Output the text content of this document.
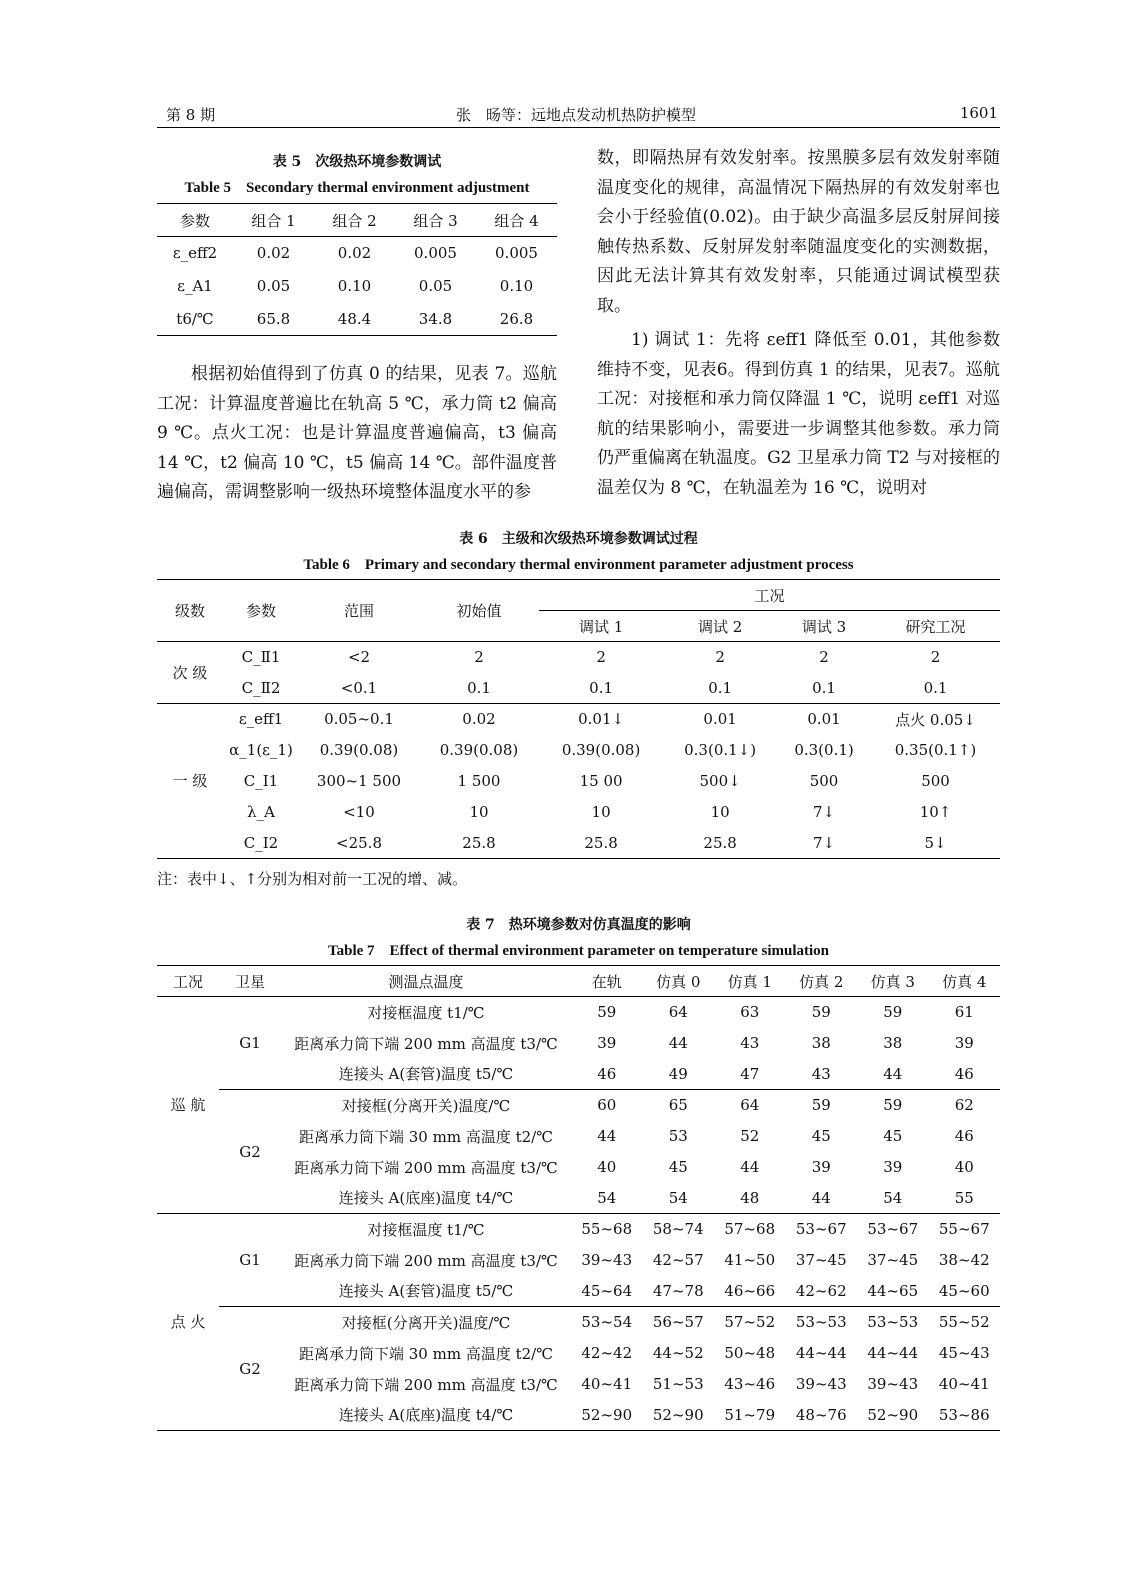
第 8 期	张　旸等：远地点发动机热防护模型	1601
表 5　次级热环境参数调试
Table 5　Secondary thermal environment adjustment
参数	组合 1	组合 2	组合 3	组合 4
ε_eff2	0.02	0.02	0.005	0.005
ε_A1	0.05	0.10	0.05	0.10
t6/℃	65.8	48.4	34.8	26.8
根据初始值得到了仿真 0 的结果，见表 7。巡航工况：计算温度普遍比在轨高 5 ℃，承力筒 t2 偏高 9 ℃。点火工况：也是计算温度普遍偏高，t3 偏高 14 ℃，t2 偏高 10 ℃，t5 偏高 14 ℃。部件温度普遍偏高，需调整影响一级热环境整体温度水平的参
数，即隔热屏有效发射率。按黑膜多层有效发射率随温度变化的规律，高温情况下隔热屏的有效发射率也会小于经验值(0.02)。由于缺少高温多层反射屏间接触传热系数、反射屏发射率随温度变化的实测数据，因此无法计算其有效发射率，只能通过调试模型获取。
1) 调试 1：先将 εeff1 降低至 0.01，其他参数维持不变，见表6。得到仿真 1 的结果，见表7。巡航工况：对接框和承力筒仅降温 1 ℃，说明 εeff1 对巡航的结果影响小，需要进一步调整其他参数。承力筒仍严重偏离在轨温度。G2 卫星承力筒 T2 与对接框的温差仅为 8 ℃，在轨温差为 16 ℃，说明对
表 6　主级和次级热环境参数调试过程
Table 6　Primary and secondary thermal environment parameter adjustment process
级数	参数	范围	初始值	工况			
				调试 1	调试 2	调试 3	研究工况
次 级	C_Ⅱ1	<2	2	2	2	2	2
	C_Ⅱ2	<0.1	0.1	0.1	0.1	0.1	0.1
一 级	ε_eff1	0.05~0.1	0.02	0.01↓	0.01	0.01	点火 0.05↓
	α_1(ε_1)	0.39(0.08)	0.39(0.08)	0.39(0.08)	0.3(0.1↓)	0.3(0.1)	0.35(0.1↑)
	C_Ⅰ1	300~1 500	1 500	15 00	500↓	500	500
	λ_A	<10	10	10	10	7↓	10↑
	C_Ⅰ2	<25.8	25.8	25.8	25.8	7↓	5↓
注：表中↓、↑分别为相对前一工况的增、减。
表 7　热环境参数对仿真温度的影响
Table 7　Effect of thermal environment parameter on temperature simulation
工况	卫星	测温点温度	在轨	仿真 0	仿真 1	仿真 2	仿真 3	仿真 4
巡 航	G1	对接框温度 t1/℃	59	64	63	59	59	61
		距离承力筒下端 200 mm 高温度 t3/℃	39	44	43	38	38	39
		连接头 A(套管)温度 t5/℃	46	49	47	43	44	46
	G2	对接框(分离开关)温度/℃	60	65	64	59	59	62
		距离承力筒下端 30 mm 高温度 t2/℃	44	53	52	45	45	46
		距离承力筒下端 200 mm 高温度 t3/℃	40	45	44	39	39	40
		连接头 A(底座)温度 t4/℃	54	54	48	44	54	55
点 火	G1	对接框温度 t1/℃	55~68	58~74	57~68	53~67	53~67	55~67
		距离承力筒下端 200 mm 高温度 t3/℃	39~43	42~57	41~50	37~45	37~45	38~42
		连接头 A(套管)温度 t5/℃	45~64	47~78	46~66	42~62	44~65	45~60
	G2	对接框(分离开关)温度/℃	53~54	56~57	57~52	53~53	53~53	55~52
		距离承力筒下端 30 mm 高温度 t2/℃	42~42	44~52	50~48	44~44	44~44	45~43
		距离承力筒下端 200 mm 高温度 t3/℃	40~41	51~53	43~46	39~43	39~43	40~41
		连接头 A(底座)温度 t4/℃	52~90	52~90	51~79	48~76	52~90	53~86
